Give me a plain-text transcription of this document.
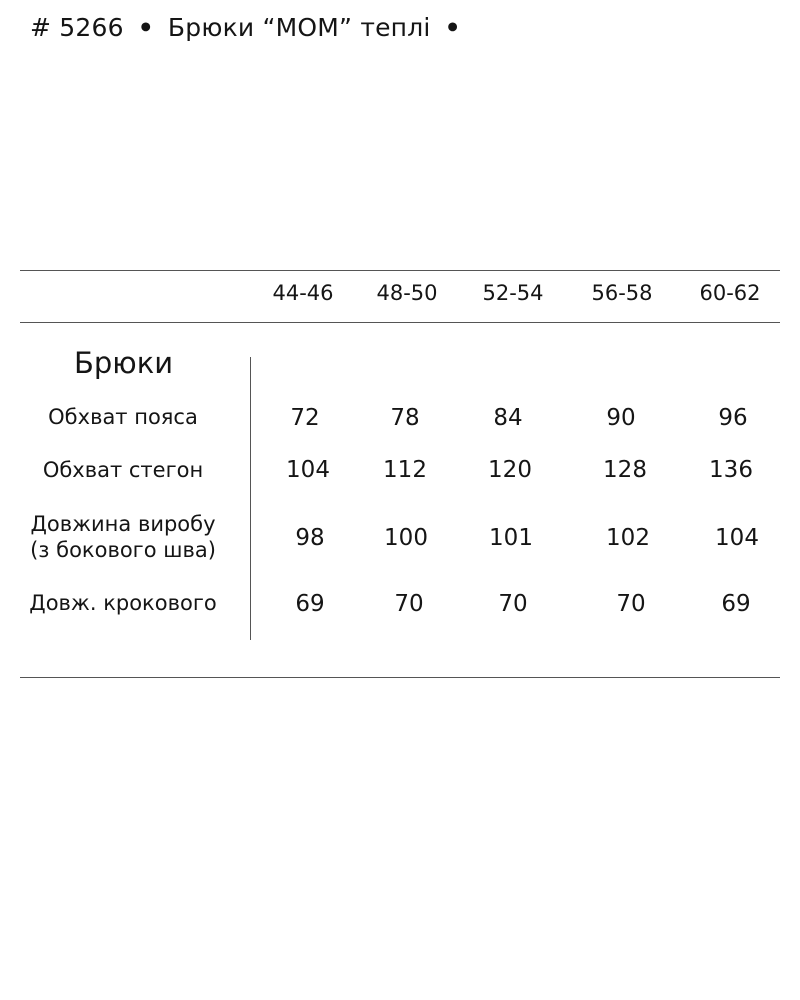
# 5266 • Брюки “MOM” теплі •
44-46	48-50	52-54	56-58	60-62
Брюки
Обхват пояса	72	78	84	90	96
Обхват стегон	104	112	120	128	136
Довжина виробу
(з бокового шва)	98	100	101	102	104
Довж. крокового	69	70	70	70	69
